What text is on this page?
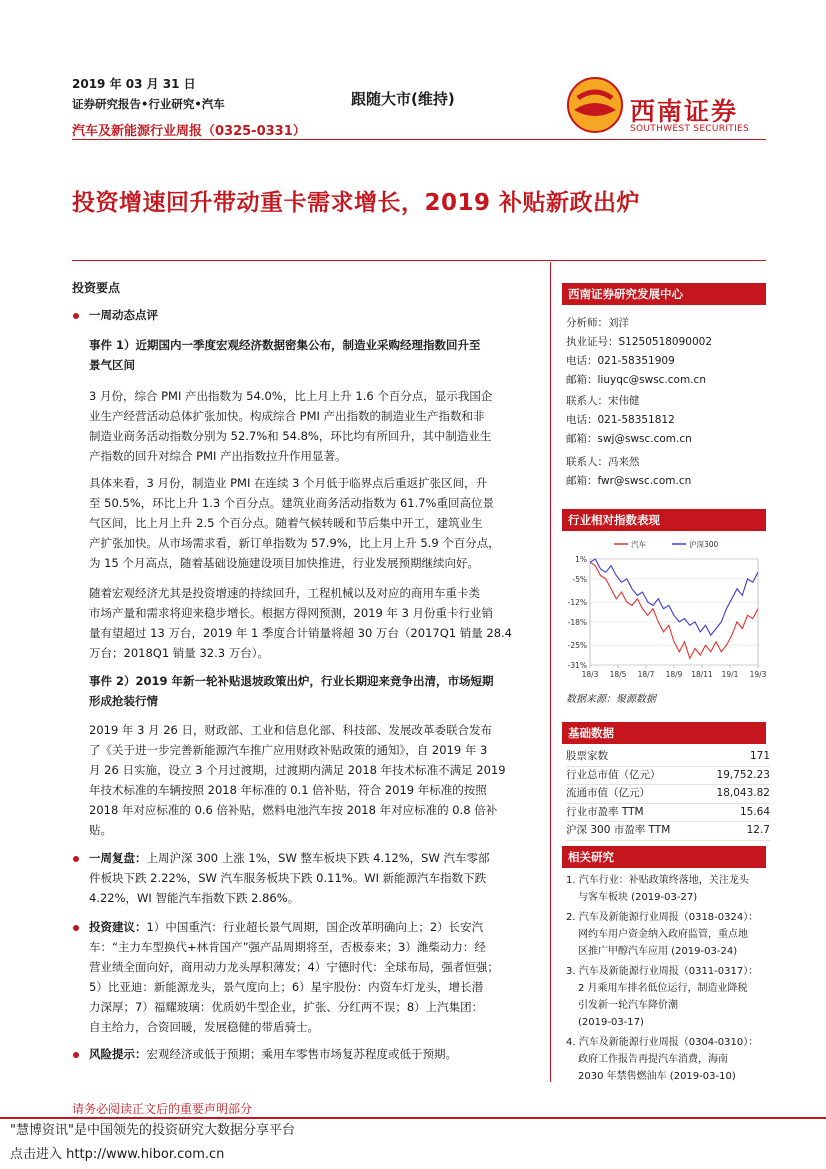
2019 年 03 月 31 日
证券研究报告•行业研究•汽车
汽车及新能源行业周报（0325-0331）
跟随大市(维持)	西南证券
SOUTHWEST SECURITIES
投资增速回升带动重卡需求增长，2019 补贴新政出炉
投资要点
一周动态点评
事件 1）近期国内一季度宏观经济数据密集公布，制造业采购经理指数回升至
景气区间
3 月份，综合 PMI 产出指数为 54.0%，比上月上升 1.6 个百分点，显示我国企
业生产经营活动总体扩张加快。构成综合 PMI 产出指数的制造业生产指数和非
制造业商务活动指数分别为 52.7%和 54.8%，环比均有所回升，其中制造业生
产指数的回升对综合 PMI 产出指数拉升作用显著。
具体来看，3 月份，制造业 PMI 在连续 3 个月低于临界点后重返扩张区间，升
至 50.5%，环比上升 1.3 个百分点。建筑业商务活动指数为 61.7%重回高位景
气区间，比上月上升 2.5 个百分点。随着气候转暖和节后集中开工，建筑业生
产扩张加快。从市场需求看，新订单指数为 57.9%，比上月上升 5.9 个百分点，
为 15 个月高点，随着基础设施建设项目加快推进，行业发展预期继续向好。
随着宏观经济尤其是投资增速的持续回升，工程机械以及对应的商用车重卡类
市场产量和需求将迎来稳步增长。根据方得网预测，2019 年 3 月份重卡行业销
量有望超过 13 万台，2019 年 1 季度合计销量将超 30 万台（2017Q1 销量 28.4
万台；2018Q1 销量 32.3 万台）。
事件 2）2019 年新一轮补贴退坡政策出炉，行业长期迎来竞争出清，市场短期
形成抢装行情
2019 年 3 月 26 日，财政部、工业和信息化部、科技部、发展改革委联合发布
了《关于进一步完善新能源汽车推广应用财政补贴政策的通知》，自 2019 年 3
月 26 日实施，设立 3 个月过渡期，过渡期内满足 2018 年技术标准不满足 2019
年技术标准的车辆按照 2018 年标准的 0.1 倍补贴，符合 2019 年标准的按照
2018 年对应标准的 0.6 倍补贴，燃料电池汽车按 2018 年对应标准的 0.8 倍补
贴。
一周复盘：上周沪深 300 上涨 1%，SW 整车板块下跌 4.12%，SW 汽车零部
件板块下跌 2.22%，SW 汽车服务板块下跌 0.11%。WI 新能源汽车指数下跌
4.22%，WI 智能汽车指数下跌 2.86%。
投资建议：1）中国重汽：行业超长景气周期，国企改革明确向上；2）长安汽
车：“主力车型换代+林肯国产”强产品周期将至，否极泰来；3）潍柴动力：经
营业绩全面向好，商用动力龙头厚积薄发；4）宁德时代：全球布局，强者恒强；
5）比亚迪：新能源龙头，景气度向上；6）星宇股份：内资车灯龙头，增长潜
力深厚；7）福耀玻璃：优质奶牛型企业，扩张、分红两不误；8）上汽集团：
自主给力，合资回暖，发展稳健的带盾骑士。
风险提示：宏观经济或低于预期；乘用车零售市场复苏程度或低于预期。
西南证券研究发展中心
分析师：刘洋
执业证号：S1250518090002
电话：021-58351909
邮箱：liuyqc@swsc.com.cn
联系人：宋伟健
电话：021-58351812
邮箱：swj@swsc.com.cn
联系人：冯来然
邮箱：fwr@swsc.com.cn
行业相对指数表现
1%
-5%
-12%
-18%
-25%
-31%
18/3 18/5 18/7 18/9 18/11 19/1 19/3
汽车	沪深300
数据来源：聚源数据
基础数据
股票家数	171
行业总市值（亿元）	19,752.23
流通市值（亿元）	18,043.82
行业市盈率 TTM	15.64
沪深 300 市盈率 TTM	12.7
相关研究
1. 汽车行业：补贴政策终落地，关注龙头
与客车板块 (2019-03-27)
2. 汽车及新能源行业周报（0318-0324）：
网约车用户资金纳入政府监管，重点地
区推广甲醇汽车应用 (2019-03-24)
3. 汽车及新能源行业周报（0311-0317）：
2 月乘用车排名低位运行，制造业降税
引发新一轮汽车降价潮
(2019-03-17)
4. 汽车及新能源行业周报（0304-0310）：
政府工作报告再提汽车消费，海南
2030 年禁售燃油车 (2019-03-10)
请务必阅读正文后的重要声明部分
"慧博资讯"是中国领先的投资研究大数据分享平台
点击进入 http://www.hibor.com.cn
